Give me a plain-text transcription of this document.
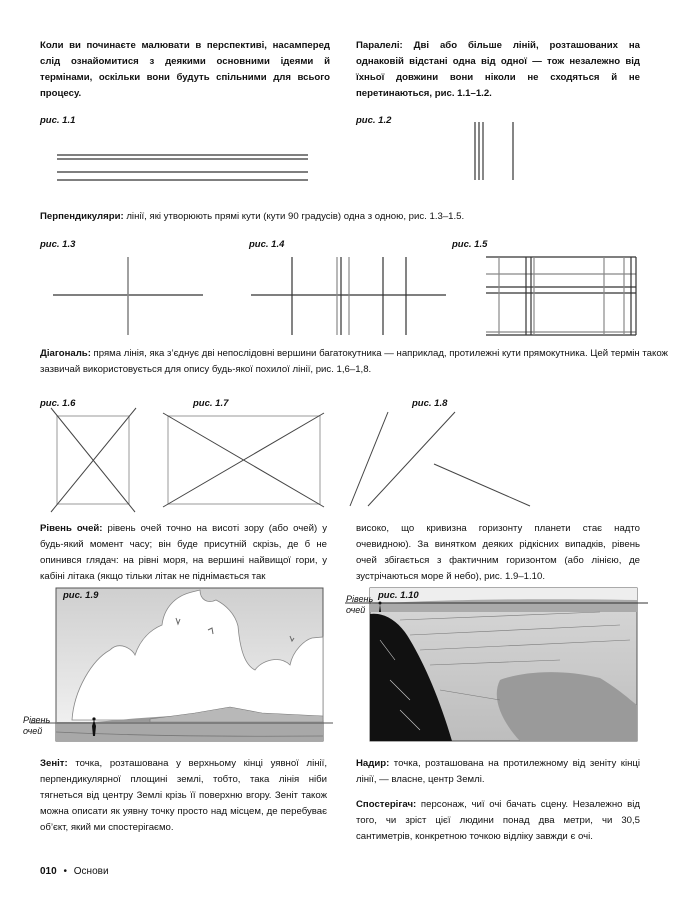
Коли ви починаєте малювати в перспективі, насамперед слід ознайомитися з деякими основними ідеями й термінами, оскільки вони будуть спільними для всього процесу.
Паралелі: Дві або більше ліній, розташованих на однаковій відстані одна від одної — тож незалежно від їхньої довжини вони ніколи не сходяться й не перетинаються, рис. 1.1–1.2.
рис. 1.1	рис. 1.2
Перпендикуляри: лінії, які утворюють прямі кути (кути 90 градусів) одна з одною, рис. 1.3–1.5.
рис. 1.3	рис. 1.4	рис. 1.5
Діагональ: пряма лінія, яка з’єднує дві непослідовні вершини багатокутника — наприклад, протилежні кути прямокутника. Цей термін також зазвичай використовується для опису будь-якої похилої лінії, рис. 1,6–1,8.
рис. 1.6	рис. 1.7	рис. 1.8
Рівень очей: рівень очей точно на висоті зору (або очей) у будь-який момент часу; він буде присутній скрізь, де б не опинився глядач: на рівні моря, на вершині найвищої гори, у кабіні літака (якщо тільки літак не піднімається так
високо, що кривизна горизонту планети стає надто очевидною). За винятком деяких рідкісних випадків, рівень очей збігається з фактичним горизонтом (або лінією, де зустрічаються море й небо), рис. 1.9–1.10.
рис. 1.9
Рівень
очей
рис. 1.10
Рівень
очей
Зеніт: точка, розташована у верхньому кінці уявної лінії, перпендикулярної площині землі, тобто, така лінія ніби тягнеться від центру Землі крізь її поверхню вгору. Зеніт також можна описати як уявну точку просто над місцем, де перебуває об’єкт, який ми спостерігаємо.
Надир: точка, розташована на протилежному від зеніту кінці лінії, — власне, центр Землі.
Спостерігач: персонаж, чиї очі бачать сцену. Незалежно від того, чи зріст цієї людини понад два метри, чи 30,5 сантиметрів, конкретною точкою відліку завжди є очі.
010 • Основи
